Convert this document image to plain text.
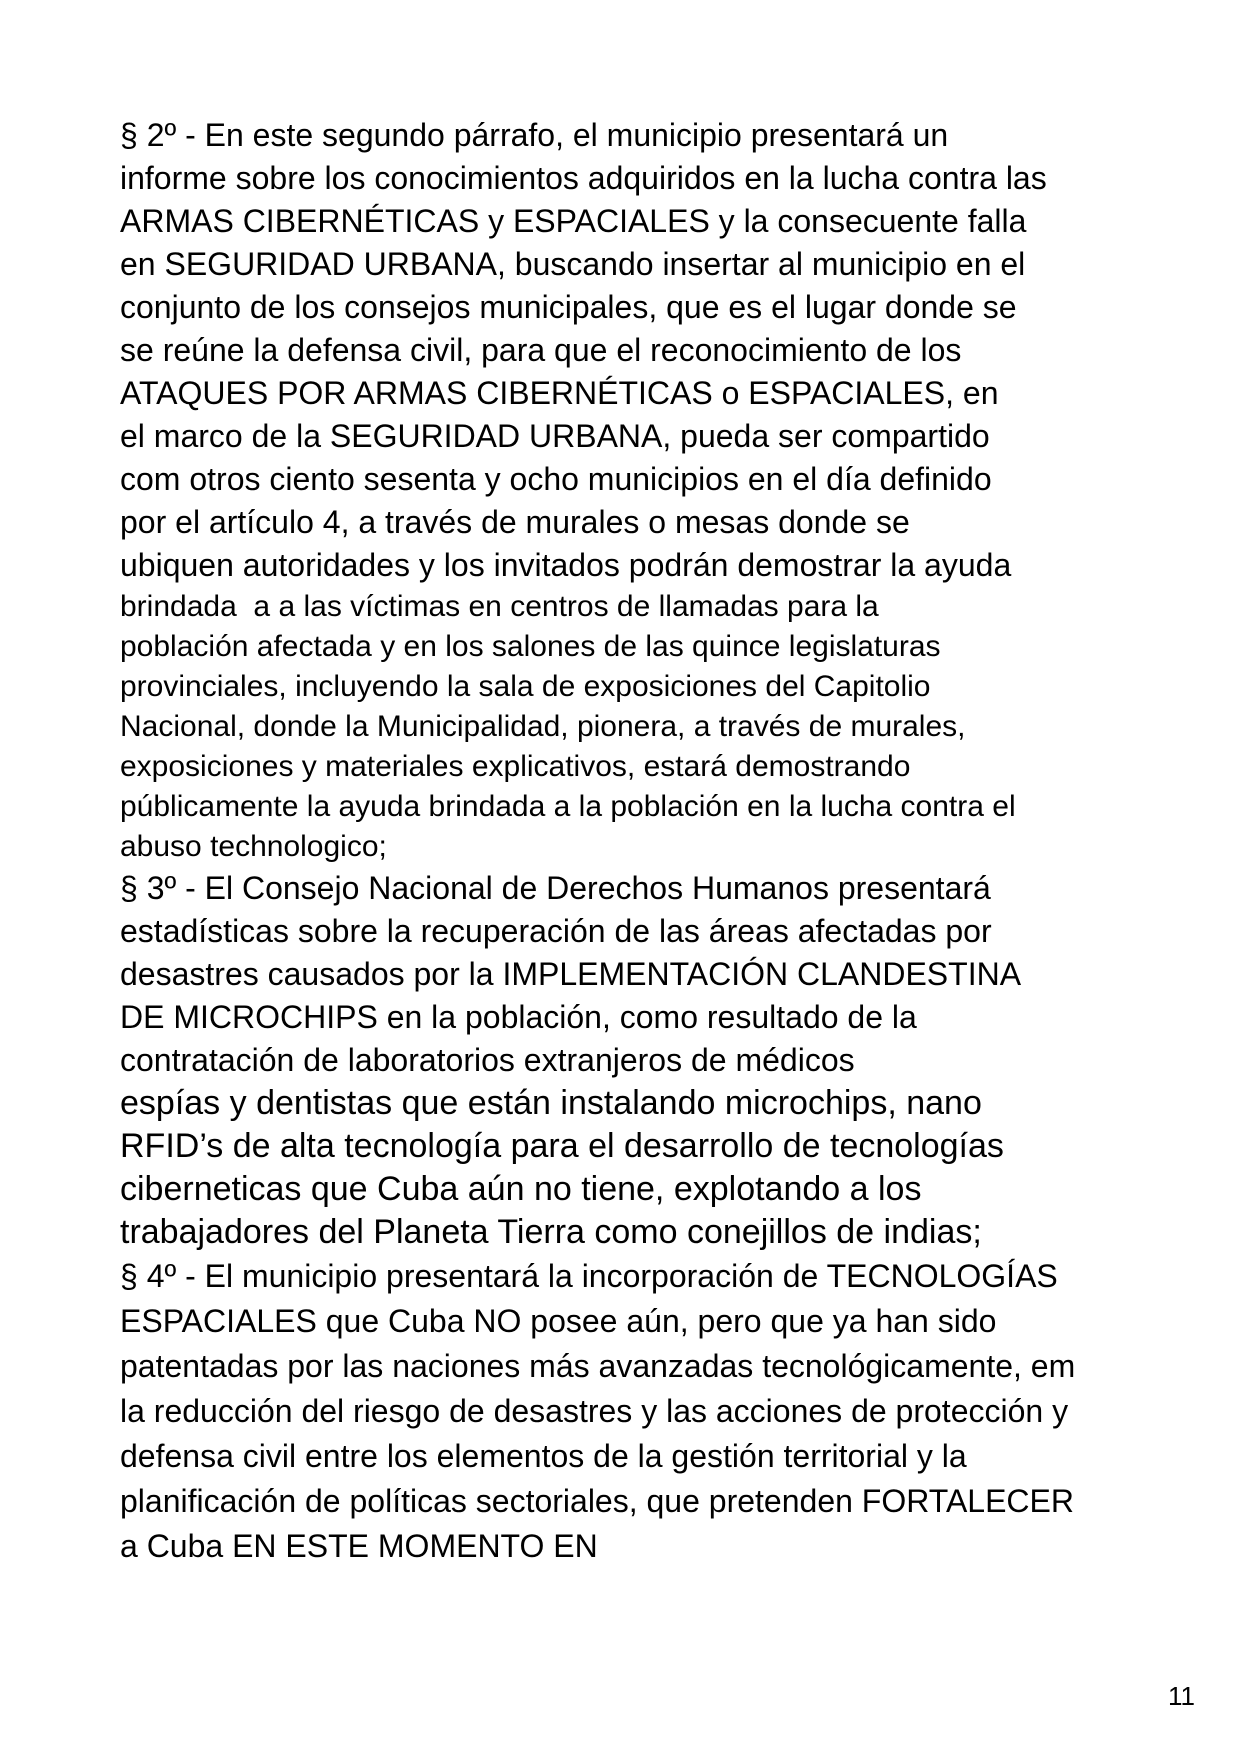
§ 2º - En este segundo párrafo, el municipio presentará un
informe sobre los conocimientos adquiridos en la lucha contra las
ARMAS CIBERNÉTICAS y ESPACIALES y la consecuente falla
en SEGURIDAD URBANA, buscando insertar al municipio en el
conjunto de los consejos municipales, que es el lugar donde se
se reúne la defensa civil, para que el reconocimiento de los
ATAQUES POR ARMAS CIBERNÉTICAS o ESPACIALES, en
el marco de la SEGURIDAD URBANA, pueda ser compartido
com otros ciento sesenta y ocho municipios en el día definido
por el artículo 4, a través de murales o mesas donde se
ubiquen autoridades y los invitados podrán demostrar la ayuda
brindada  a a las víctimas en centros de llamadas para la
población afectada y en los salones de las quince legislaturas
provinciales, incluyendo la sala de exposiciones del Capitolio
Nacional, donde la Municipalidad, pionera, a través de murales,
exposiciones y materiales explicativos, estará demostrando
públicamente la ayuda brindada a la población en la lucha contra el
abuso technologico;
§ 3º - El Consejo Nacional de Derechos Humanos presentará
estadísticas sobre la recuperación de las áreas afectadas por
desastres causados por la IMPLEMENTACIÓN CLANDESTINA
DE MICROCHIPS en la población, como resultado de la
contratación de laboratorios extranjeros de médicos
espías y dentistas que están instalando microchips, nano
RFID’s de alta tecnología para el desarrollo de tecnologías
ciberneticas que Cuba aún no tiene, explotando a los
trabajadores del Planeta Tierra como conejillos de indias;
§ 4º - El municipio presentará la incorporación de TECNOLOGÍAS
ESPACIALES que Cuba NO posee aún, pero que ya han sido
patentadas por las naciones más avanzadas tecnológicamente, em
la reducción del riesgo de desastres y las acciones de protección y
defensa civil entre los elementos de la gestión territorial y la
planificación de políticas sectoriales, que pretenden FORTALECER
a Cuba EN ESTE MOMENTO EN
11
